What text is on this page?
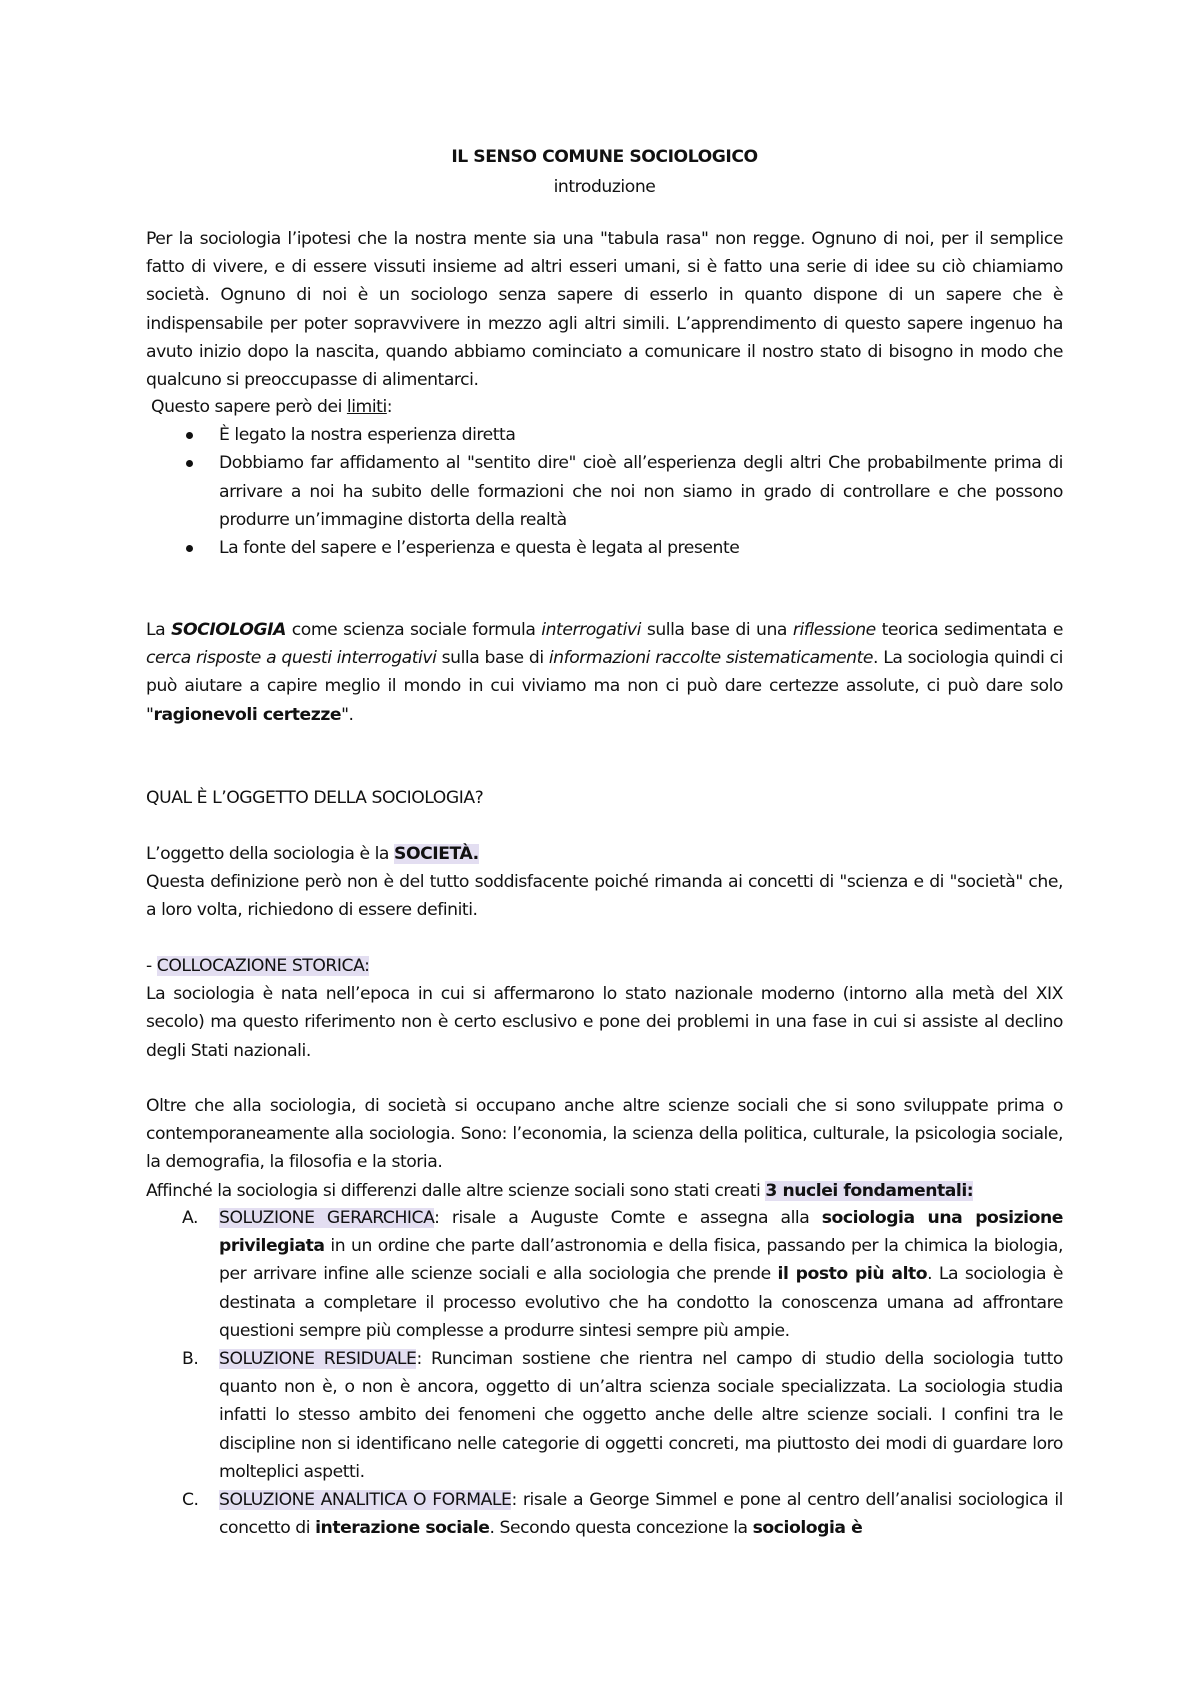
IL SENSO COMUNE SOCIOLOGICO
introduzione

Per la sociologia l’ipotesi che la nostra mente sia una "tabula rasa" non regge. Ognuno di noi, per il semplice fatto di vivere, e di essere vissuti insieme ad altri esseri umani, si è fatto una serie di idee su ciò chiamiamo società. Ognuno di noi è un sociologo senza sapere di esserlo in quanto dispone di un sapere che è indispensabile per poter sopravvivere in mezzo agli altri simili. L’apprendimento di questo sapere ingenuo ha avuto inizio dopo la nascita, quando abbiamo cominciato a comunicare il nostro stato di bisogno in modo che qualcuno si preoccupasse di alimentarci.

Questo sapere però dei limiti:

È legato la nostra esperienza diretta
Dobbiamo far affidamento al "sentito dire" cioè all’esperienza degli altri Che probabilmente prima di arrivare a noi ha subito delle formazioni che noi non siamo in grado di controllare e che possono produrre un’immagine distorta della realtà
La fonte del sapere e l’esperienza e questa è legata al presente

La SOCIOLOGIA come scienza sociale formula interrogativi sulla base di una riflessione teorica sedimentata e cerca risposte a questi interrogativi sulla base di informazioni raccolte sistematicamente. La sociologia quindi ci può aiutare a capire meglio il mondo in cui viviamo ma non ci può dare certezze assolute, ci può dare solo "ragionevoli certezze".

QUAL È L’OGGETTO DELLA SOCIOLOGIA?

L’oggetto della sociologia è la SOCIETÀ.

Questa definizione però non è del tutto soddisfacente poiché rimanda ai concetti di "scienza e di "società" che, a loro volta, richiedono di essere definiti.

- COLLOCAZIONE STORICA:

La sociologia è nata nell’epoca in cui si affermarono lo stato nazionale moderno (intorno alla metà del XIX secolo) ma questo riferimento non è certo esclusivo e pone dei problemi in una fase in cui si assiste al declino degli Stati nazionali.

Oltre che alla sociologia, di società si occupano anche altre scienze sociali che si sono sviluppate prima o contemporaneamente alla sociologia. Sono: l’economia, la scienza della politica, culturale, la psicologia sociale, la demografia, la filosofia e la storia.

Affinché la sociologia si differenzi dalle altre scienze sociali sono stati creati 3 nuclei fondamentali:

A. SOLUZIONE GERARCHICA: risale a Auguste Comte e assegna alla sociologia una posizione privilegiata in un ordine che parte dall’astronomia e della fisica, passando per la chimica la biologia, per arrivare infine alle scienze sociali e alla sociologia che prende il posto più alto. La sociologia è destinata a completare il processo evolutivo che ha condotto la conoscenza umana ad affrontare questioni sempre più complesse a produrre sintesi sempre più ampie.
B. SOLUZIONE RESIDUALE: Runciman sostiene che rientra nel campo di studio della sociologia tutto quanto non è, o non è ancora, oggetto di un’altra scienza sociale specializzata. La sociologia studia infatti lo stesso ambito dei fenomeni che oggetto anche delle altre scienze sociali. I confini tra le discipline non si identificano nelle categorie di oggetti concreti, ma piuttosto dei modi di guardare loro molteplici aspetti.
C. SOLUZIONE ANALITICA O FORMALE: risale a George Simmel e pone al centro dell’analisi sociologica il concetto di interazione sociale. Secondo questa concezione la sociologia è
